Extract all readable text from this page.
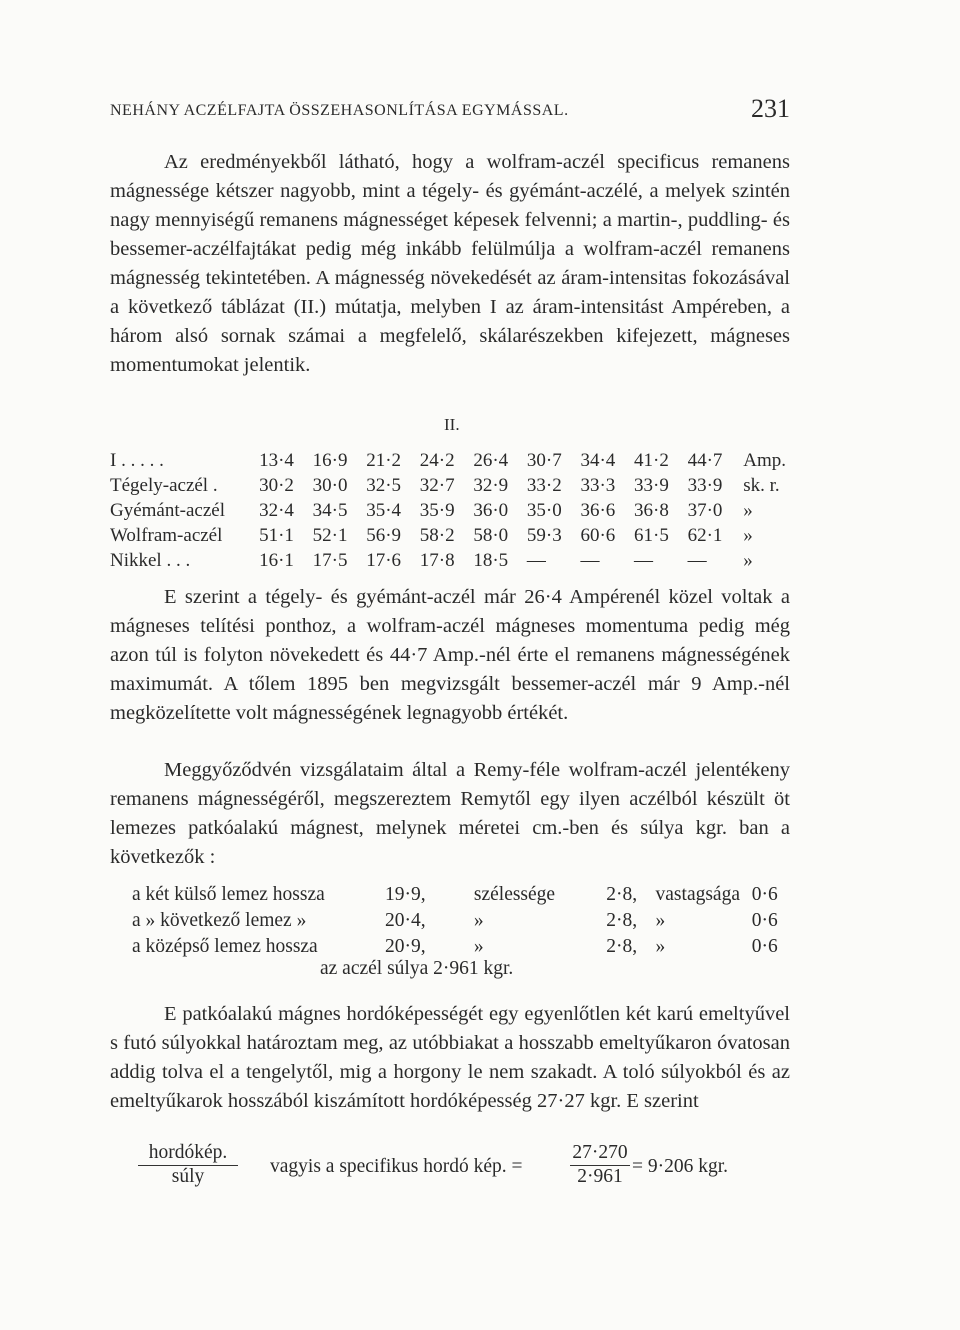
NEHÁNY ACZÉLFAJTA ÖSSZEHASONLÍTÁSA EGYMÁSSAL.	231

Az eredményekből látható, hogy a wolfram-aczél specificus remanens mágnessége kétszer nagyobb, mint a tégely- és gyémánt-aczélé, a melyek szintén nagy mennyiségű remanens mágnességet képesek felvenni; a martin-, puddling- és bessemer-aczélfajtákat pedig még inkább felülmúlja a wolfram-aczél remanens mágnesség tekintetében. A mágnesség növekedését az áram-intensitas fokozásával a következő táblázat (II.) mútatja, melyben I az áram-intensitást Ampéreben, a három alsó sornak számai a megfelelő, skálarészekben kifejezett, mágneses momentumokat jelentik.

II.
I . . . . .	13·4	16·9	21·2	24·2	26·4	30·7	34·4	41·2	44·7	Amp.
Tégely-aczél .	30·2	30·0	32·5	32·7	32·9	33·2	33·3	33·9	33·9	sk. r.
Gyémánt-aczél	32·4	34·5	35·4	35·9	36·0	35·0	36·6	36·8	37·0	»
Wolfram-aczél	51·1	52·1	56·9	58·2	58·0	59·3	60·6	61·5	62·1	»
Nikkel . . .	16·1	17·5	17·6	17·8	18·5	—	—	—	—	»

E szerint a tégely- és gyémánt-aczél már 26·4 Ampérenél közel voltak a mágneses telítési ponthoz, a wolfram-aczél mágneses momentuma pedig még azon túl is folyton növekedett és 44·7 Amp.-nél érte el remanens mágnességének maximumát. A tőlem 1895 ben megvizsgált bessemer-aczél már 9 Amp.-nél megközelítette volt mágnességének legnagyobb értékét.

Meggyőződvén vizsgálataim által a Remy-féle wolfram-aczél jelentékeny remanens mágnességéről, megszereztem Remytől egy ilyen aczélból készült öt lemezes patkóalakú mágnest, melynek méretei cm.-ben és súlya kgr. ban a következők :

a két külső lemez hossza	19·9,	szélessége	2·8,	vastagsága	0·6
a » következő lemez »	20·4,	»	2·8,	»	0·6
a középső lemez hossza	20·9,	»	2·8,	»	0·6
az aczél súlya 2·961 kgr.

E patkóalakú mágnes hordóképességét egy egyenlőtlen két karú emeltyűvel s futó súlyokkal határoztam meg, az utóbbiakat a hosszabb emeltyűkaron óvatosan addig tolva el a tengelytől, mig a horgony le nem szakadt. A toló súlyokból és az emeltyűkarok hosszából kiszámított hordóképesség 27·27 kgr. E szerint

hordókép.
súly	vagyis a specifikus hordó kép. = $\frac{27\cdot 270}{2\cdot 961} = 9\cdot 206$ kgr.
